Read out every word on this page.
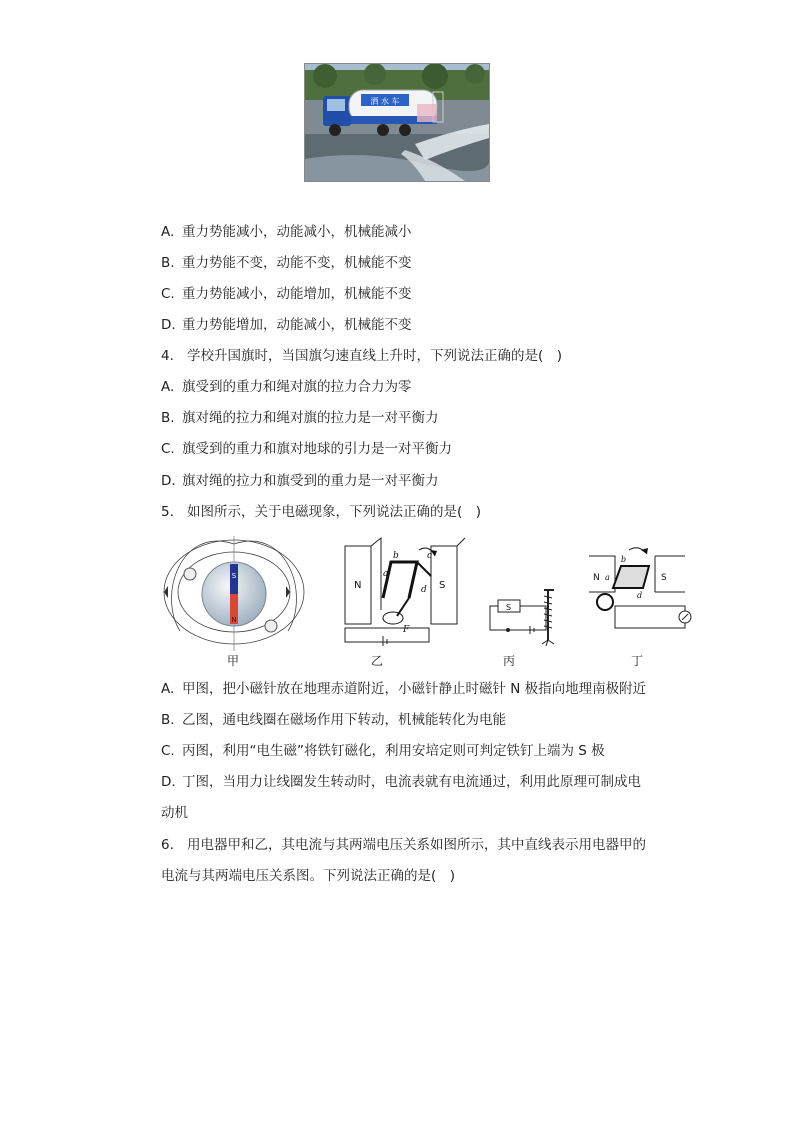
洒 水 车
A. 重力势能减小，动能减小，机械能减小
B. 重力势能不变，动能不变，机械能不变
C. 重力势能减小，动能增加，机械能不变
D. 重力势能增加，动能减小，机械能不变
4. 学校升国旗时，当国旗匀速直线上升时，下列说法正确的是(　)
A. 旗受到的重力和绳对旗的拉力合力为零
B. 旗对绳的拉力和绳对旗的拉力是一对平衡力
C. 旗受到的重力和旗对地球的引力是一对平衡力
D. 旗对绳的拉力和旗受到的重力是一对平衡力
5. 如图所示，关于电磁现象，下列说法正确的是(　)
S
N
N	S
a
b	c
d
F
S
N	S
a
b
d
甲	乙	丙	丁
A. 甲图，把小磁针放在地理赤道附近，小磁针静止时磁针 N 极指向地理南极附近
B. 乙图，通电线圈在磁场作用下转动，机械能转化为电能
C. 丙图，利用“电生磁”将铁钉磁化，利用安培定则可判定铁钉上端为 S 极
D. 丁图，当用力让线圈发生转动时，电流表就有电流通过，利用此原理可制成电
动机
6. 用电器甲和乙，其电流与其两端电压关系如图所示，其中直线表示用电器甲的
电流与其两端电压关系图。下列说法正确的是(　)
